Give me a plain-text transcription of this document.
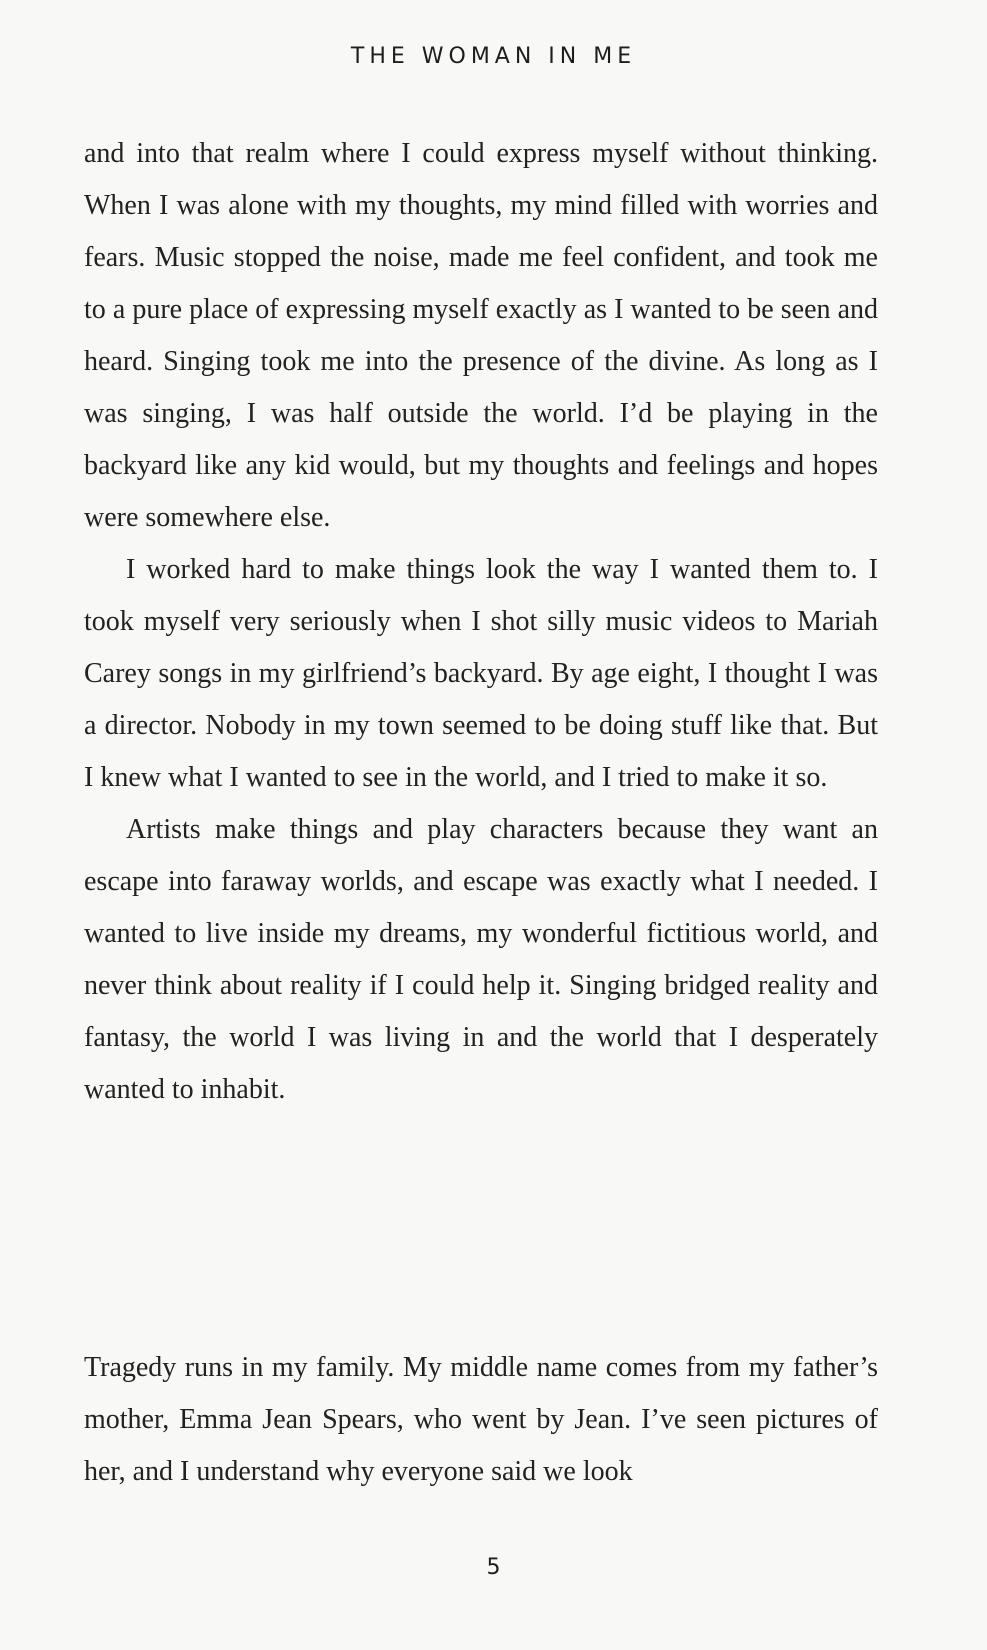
THE WOMAN IN ME

and into that realm where I could express myself without thinking. When I was alone with my thoughts, my mind filled with worries and fears. Music stopped the noise, made me feel confident, and took me to a pure place of expressing myself exactly as I wanted to be seen and heard. Singing took me into the presence of the divine. As long as I was singing, I was half outside the world. I’d be playing in the backyard like any kid would, but my thoughts and feelings and hopes were somewhere else.

I worked hard to make things look the way I wanted them to. I took myself very seriously when I shot silly music videos to Mariah Carey songs in my girlfriend’s backyard. By age eight, I thought I was a director. Nobody in my town seemed to be doing stuff like that. But I knew what I wanted to see in the world, and I tried to make it so.

Artists make things and play characters because they want an escape into faraway worlds, and escape was exactly what I needed. I wanted to live inside my dreams, my wonderful fictitious world, and never think about reality if I could help it. Singing bridged reality and fantasy, the world I was living in and the world that I desperately wanted to inhabit.

Tragedy runs in my family. My middle name comes from my father’s mother, Emma Jean Spears, who went by Jean. I’ve seen pictures of her, and I understand why everyone said we look

5
